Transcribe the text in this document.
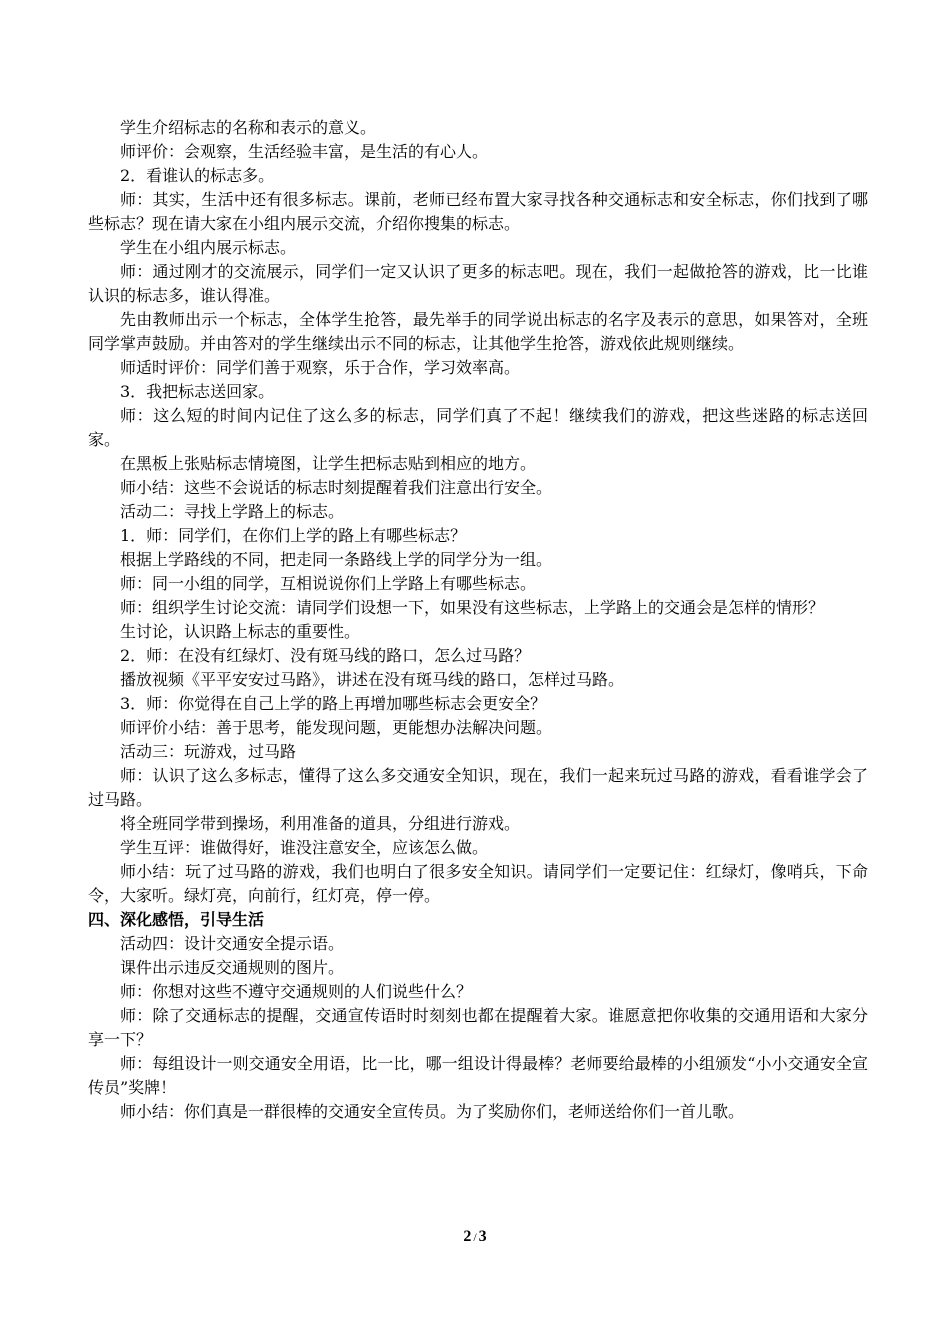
学生介绍标志的名称和表示的意义。

师评价：会观察，生活经验丰富，是生活的有心人。

2．看谁认的标志多。

师：其实，生活中还有很多标志。课前，老师已经布置大家寻找各种交通标志和安全标志，你们找到了哪些标志？现在请大家在小组内展示交流，介绍你搜集的标志。

学生在小组内展示标志。

师：通过刚才的交流展示，同学们一定又认识了更多的标志吧。现在，我们一起做抢答的游戏，比一比谁认识的标志多，谁认得准。

先由教师出示一个标志，全体学生抢答，最先举手的同学说出标志的名字及表示的意思，如果答对，全班同学掌声鼓励。并由答对的学生继续出示不同的标志，让其他学生抢答，游戏依此规则继续。

师适时评价：同学们善于观察，乐于合作，学习效率高。

3．我把标志送回家。

师：这么短的时间内记住了这么多的标志，同学们真了不起！继续我们的游戏，把这些迷路的标志送回家。

在黑板上张贴标志情境图，让学生把标志贴到相应的地方。

师小结：这些不会说话的标志时刻提醒着我们注意出行安全。

活动二：寻找上学路上的标志。

1．师：同学们，在你们上学的路上有哪些标志？

根据上学路线的不同，把走同一条路线上学的同学分为一组。

师：同一小组的同学，互相说说你们上学路上有哪些标志。

师：组织学生讨论交流：请同学们设想一下，如果没有这些标志，上学路上的交通会是怎样的情形？

生讨论，认识路上标志的重要性。

2．师：在没有红绿灯、没有斑马线的路口，怎么过马路？

播放视频《平平安安过马路》，讲述在没有斑马线的路口，怎样过马路。

3．师：你觉得在自己上学的路上再增加哪些标志会更安全？

师评价小结：善于思考，能发现问题，更能想办法解决问题。

活动三：玩游戏，过马路

师：认识了这么多标志，懂得了这么多交通安全知识，现在，我们一起来玩过马路的游戏，看看谁学会了过马路。

将全班同学带到操场，利用准备的道具，分组进行游戏。

学生互评：谁做得好，谁没注意安全，应该怎么做。

师小结：玩了过马路的游戏，我们也明白了很多安全知识。请同学们一定要记住：红绿灯，像哨兵，下命令，大家听。绿灯亮，向前行，红灯亮，停一停。

四、深化感悟，引导生活

活动四：设计交通安全提示语。

课件出示违反交通规则的图片。

师：你想对这些不遵守交通规则的人们说些什么？

师：除了交通标志的提醒，交通宣传语时时刻刻也都在提醒着大家。谁愿意把你收集的交通用语和大家分享一下？

师：每组设计一则交通安全用语，比一比，哪一组设计得最棒？老师要给最棒的小组颁发“小小交通安全宣传员”奖牌！

师小结：你们真是一群很棒的交通安全宣传员。为了奖励你们，老师送给你们一首儿歌。

2 / 3
